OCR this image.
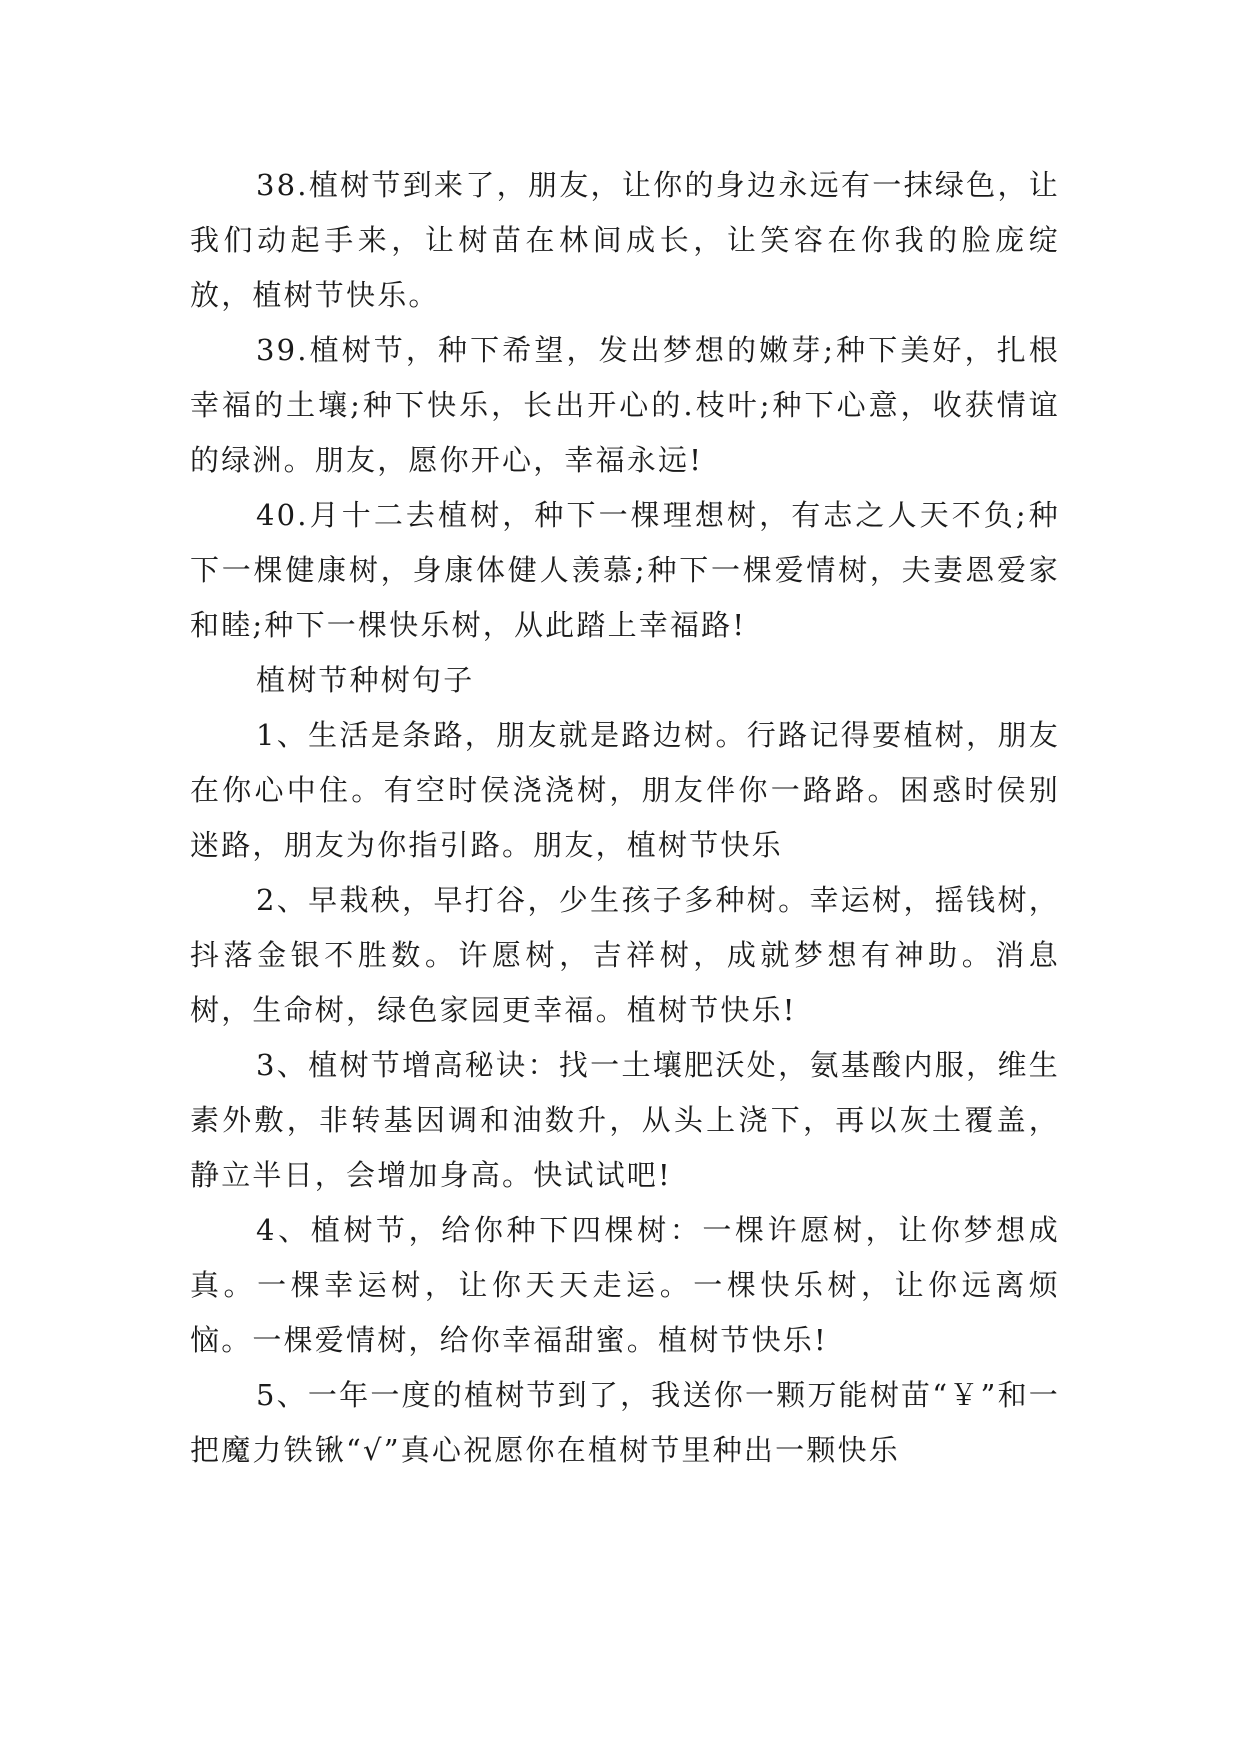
38.植树节到来了，朋友，让你的身边永远有一抹绿色，让我们动起手来，让树苗在林间成长，让笑容在你我的脸庞绽放，植树节快乐。

39.植树节，种下希望，发出梦想的嫩芽;种下美好，扎根幸福的土壤;种下快乐，长出开心的.枝叶;种下心意，收获情谊的绿洲。朋友，愿你开心，幸福永远!

40.月十二去植树，种下一棵理想树，有志之人天不负;种下一棵健康树，身康体健人羡慕;种下一棵爱情树，夫妻恩爱家和睦;种下一棵快乐树，从此踏上幸福路!

植树节种树句子

1、生活是条路，朋友就是路边树。行路记得要植树，朋友在你心中住。有空时侯浇浇树，朋友伴你一路路。困惑时侯别迷路，朋友为你指引路。朋友，植树节快乐

2、早栽秧，早打谷，少生孩子多种树。幸运树，摇钱树，抖落金银不胜数。许愿树，吉祥树，成就梦想有神助。消息树，生命树，绿色家园更幸福。植树节快乐!

3、植树节增高秘诀：找一土壤肥沃处，氨基酸内服，维生素外敷，非转基因调和油数升，从头上浇下，再以灰土覆盖，静立半日，会增加身高。快试试吧!

4、植树节，给你种下四棵树：一棵许愿树，让你梦想成真。一棵幸运树，让你天天走运。一棵快乐树，让你远离烦恼。一棵爱情树，给你幸福甜蜜。植树节快乐!

5、一年一度的植树节到了，我送你一颗万能树苗“￥”和一把魔力铁锹“√”真心祝愿你在植树节里种出一颗快乐
